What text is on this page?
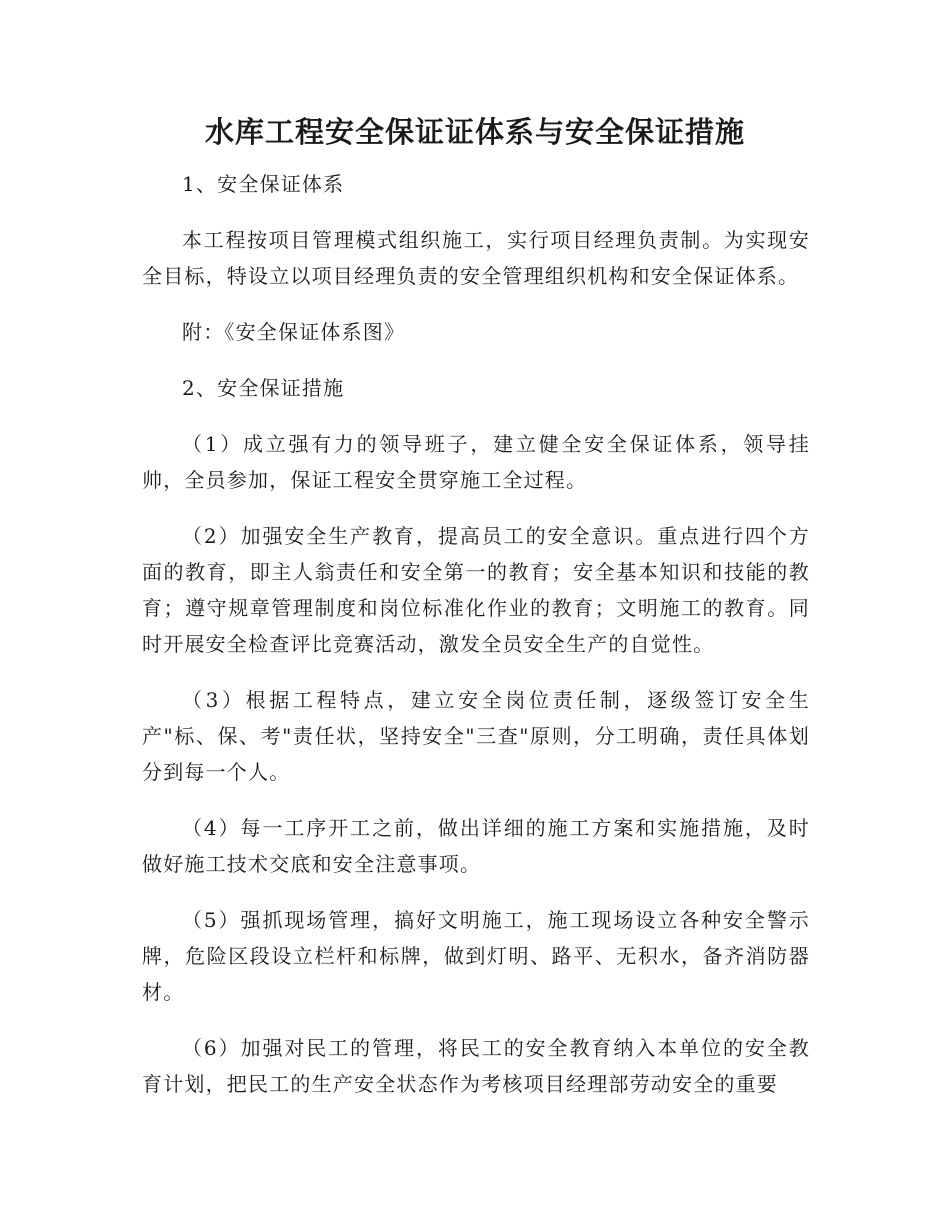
水库工程安全保证证体系与安全保证措施

1、安全保证体系

本工程按项目管理模式组织施工，实行项目经理负责制。为实现安全目标，特设立以项目经理负责的安全管理组织机构和安全保证体系。

附：《安全保证体系图》

2、安全保证措施

（1）成立强有力的领导班子，建立健全安全保证体系，领导挂帅，全员参加，保证工程安全贯穿施工全过程。

（2）加强安全生产教育，提高员工的安全意识。重点进行四个方面的教育，即主人翁责任和安全第一的教育；安全基本知识和技能的教育；遵守规章管理制度和岗位标准化作业的教育；文明施工的教育。同时开展安全检查评比竞赛活动，激发全员安全生产的自觉性。

（3）根据工程特点，建立安全岗位责任制，逐级签订安全生产"标、保、考"责任状，坚持安全"三查"原则，分工明确，责任具体划分到每一个人。

（4）每一工序开工之前，做出详细的施工方案和实施措施，及时做好施工技术交底和安全注意事项。

（5）强抓现场管理，搞好文明施工，施工现场设立各种安全警示牌，危险区段设立栏杆和标牌，做到灯明、路平、无积水，备齐消防器材。

（6）加强对民工的管理，将民工的安全教育纳入本单位的安全教育计划，把民工的生产安全状态作为考核项目经理部劳动安全的重要
